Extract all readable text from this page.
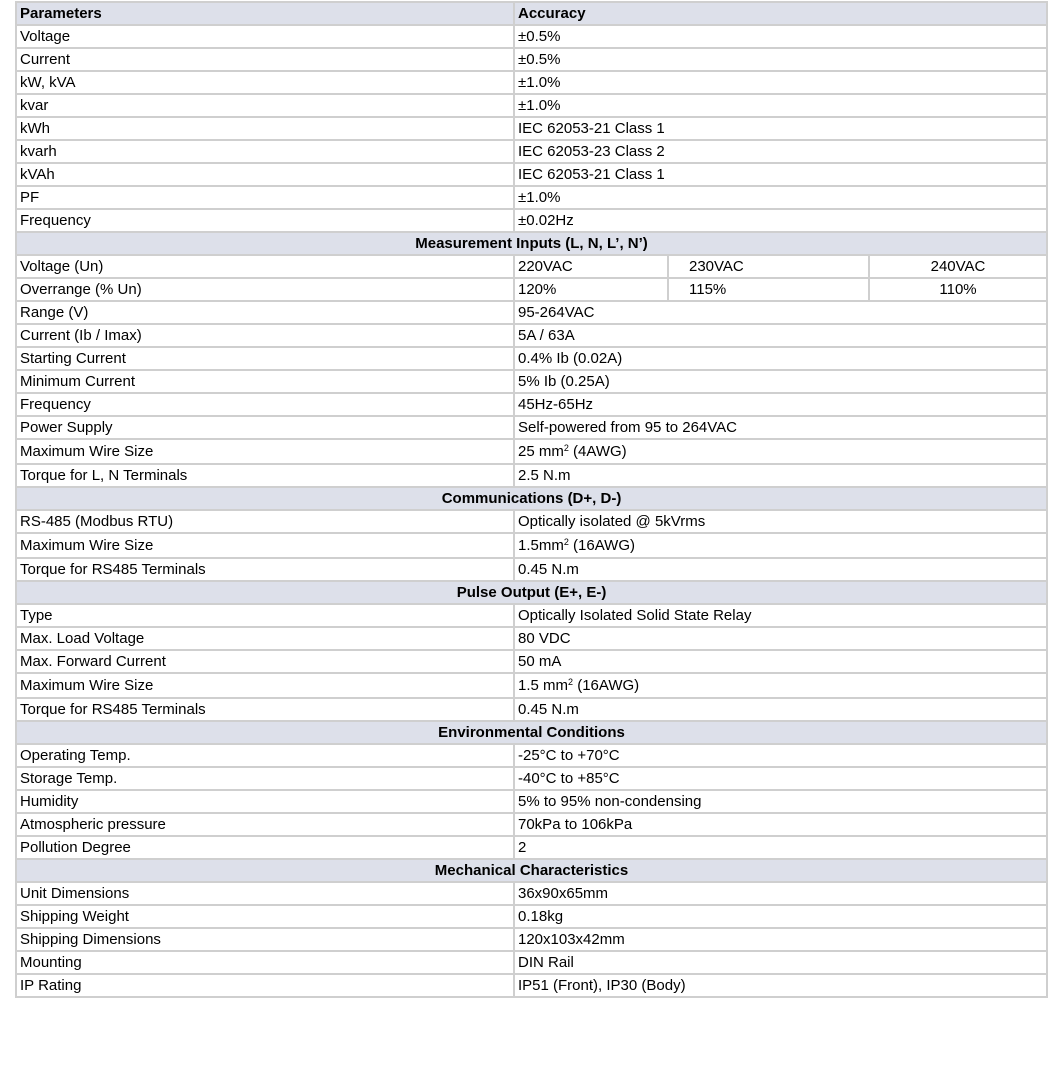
Parameters	Accuracy		
Voltage	±0.5%		
Current	±0.5%		
kW, kVA	±1.0%		
kvar	±1.0%		
kWh	IEC 62053-21 Class 1		
kvarh	IEC 62053-23 Class 2		
kVAh	IEC 62053-21 Class 1		
PF	±1.0%		
Frequency	±0.02Hz		
Measurement Inputs (L, N, L’, N’)			
Voltage (Un)	220VAC	230VAC	240VAC
Overrange (% Un)	120%	115%	110%
Range (V)	95-264VAC		
Current (Ib / Imax)	5A / 63A		
Starting Current	0.4% Ib (0.02A)		
Minimum Current	5% Ib (0.25A)		
Frequency	45Hz-65Hz		
Power Supply	Self-powered from 95 to 264VAC		
Maximum Wire Size	25 $mm^2$ (4AWG)		
Torque for L, N Terminals	2.5 N.m		
Communications (D+, D-)			
RS-485 (Modbus RTU)	Optically isolated @ 5kVrms		
Maximum Wire Size	$1.5mm^2$ (16AWG)		
Torque for RS485 Terminals	0.45 N.m		
Pulse Output (E+, E-)			
Type	Optically Isolated Solid State Relay		
Max. Load Voltage	80 VDC		
Max. Forward Current	50 mA		
Maximum Wire Size	1.5 $mm^2$ (16AWG)		
Torque for RS485 Terminals	0.45 N.m		
Environmental Conditions			
Operating Temp.	-25°C to +70°C		
Storage Temp.	-40°C to +85°C		
Humidity	5% to 95% non-condensing		
Atmospheric pressure	70kPa to 106kPa		
Pollution Degree	2		
Mechanical Characteristics			
Unit Dimensions	36x90x65mm		
Shipping Weight	0.18kg		
Shipping Dimensions	120x103x42mm		
Mounting	DIN Rail		
IP Rating	IP51 (Front), IP30 (Body)		
